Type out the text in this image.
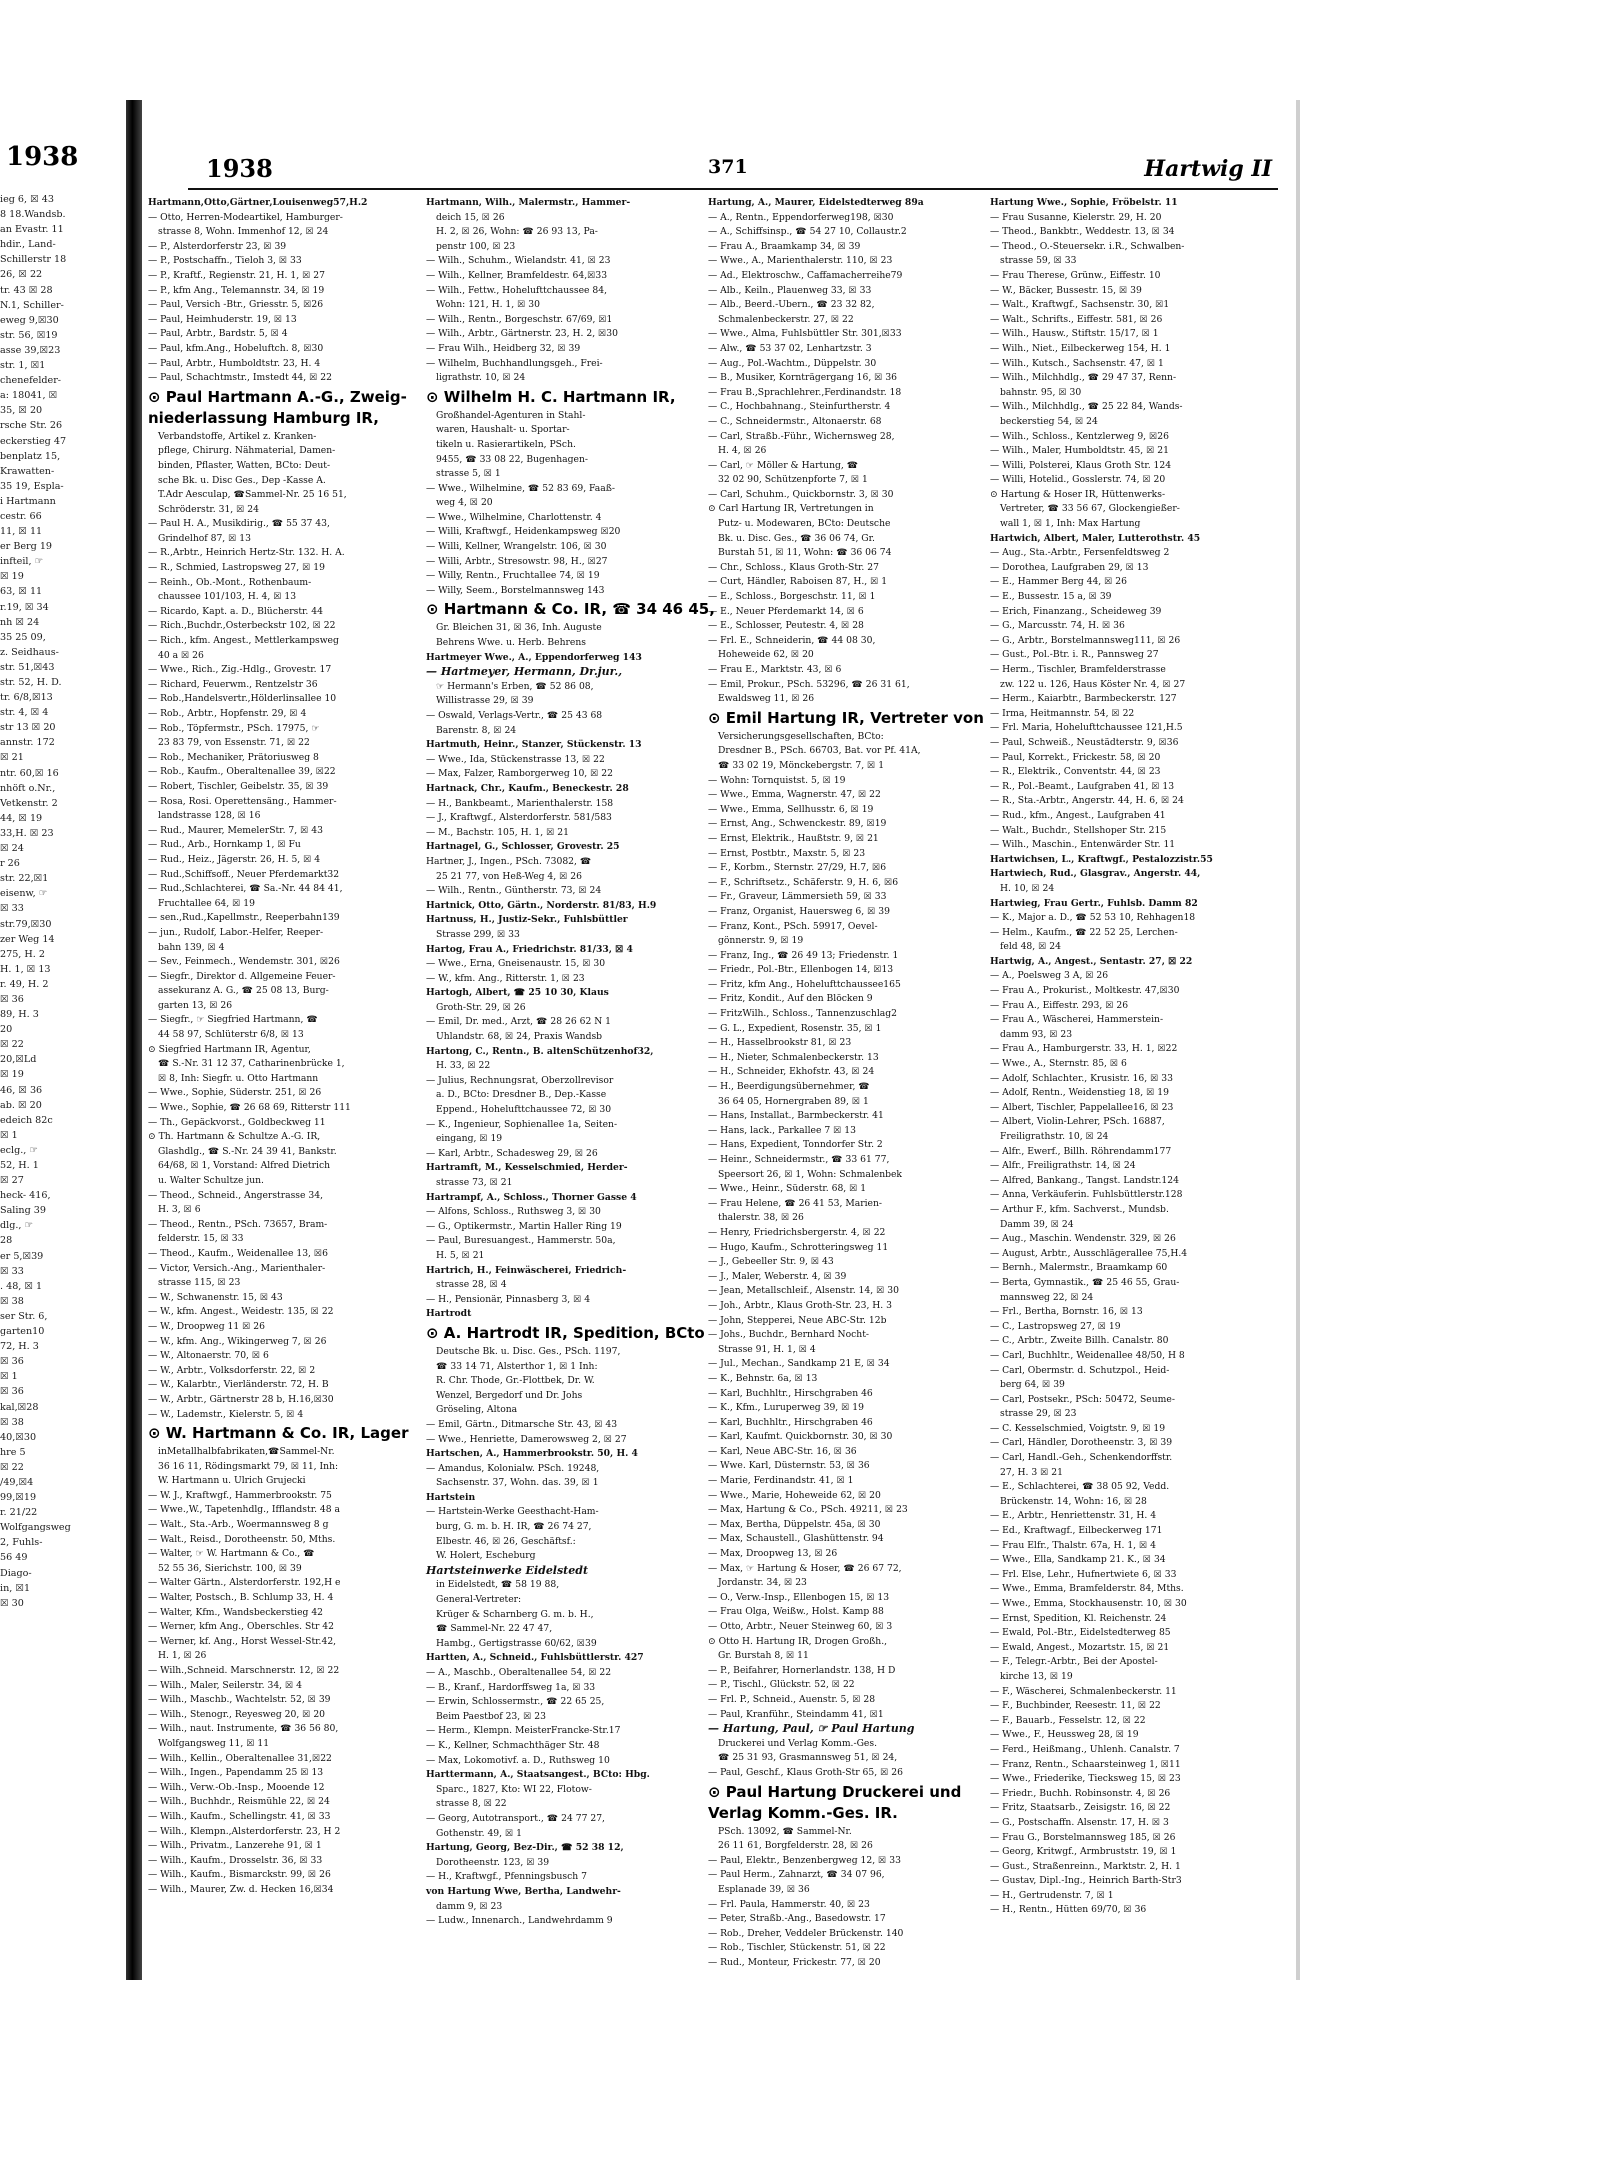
1938
ieg 6, ☒ 43
8 18.Wandsb.
an Evastr. 11
hdir., Land-
Schillerstr 18
26, ☒ 22
tr. 43 ☒ 28
N.1, Schiller-
eweg 9,☒30
str. 56, ☒19
asse 39,☒23
str. 1, ☒1
chenefelder-
a: 18041, ☒
35, ☒ 20
rsche Str. 26
eckerstieg 47
benplatz 15,
Krawatten-
35 19, Espla-
i Hartmann
cestr. 66
11, ☒ 11
er Berg 19
infteil, ☞
☒ 19
63, ☒ 11
r.19, ☒ 34
nh ☒ 24
35 25 09,
z. Seidhaus-
str. 51,☒43
str. 52, H. D.
tr. 6/8,☒13
str. 4, ☒ 4
str 13 ☒ 20
annstr. 172
☒ 21
ntr. 60,☒ 16
nhöft o.Nr.,
Vetkenstr. 2
44, ☒ 19
33,H. ☒ 23
☒ 24
r 26
str. 22,☒1
eisenw, ☞
☒ 33
str.79,☒30
zer Weg 14
275, H. 2
H. 1, ☒ 13
r. 49, H. 2
☒ 36
89, H. 3
20
☒ 22
20,☒Ld
☒ 19
46, ☒ 36
ab. ☒ 20
edeich 82c
☒ 1
eclg., ☞
52, H. 1
☒ 27
heck- 416,
Saling 39
dlg., ☞
28
er 5,☒39
☒ 33
. 48, ☒ 1
☒ 38
ser Str. 6,
garten10
72, H. 3
☒ 36
☒ 1
☒ 36
kal,☒28
☒ 38
40,☒30
hre 5
☒ 22
/49,☒4
99,☒19
r. 21/22
Wolfgangsweg
2, Fuhls-
56 49
Diago-
in, ☒1
☒ 30
1938	371	Hartwig II
Hartmann,Otto,Gärtner,Louisenweg57,H.2
— Otto, Herren-Modeartikel, Hamburger-
strasse 8, Wohn. Immenhof 12, ☒ 24
— P., Alsterdorferstr 23, ☒ 39
— P., Postschaffn., Tieloh 3, ☒ 33
— P., Kraftf., Regienstr. 21, H. 1, ☒ 27
— P., kfm Ang., Telemannstr. 34, ☒ 19
— Paul, Versich -Btr., Griesstr. 5, ☒26
— Paul, Heimhuderstr. 19, ☒ 13
— Paul, Arbtr., Bardstr. 5, ☒ 4
— Paul, kfm.Ang., Hobeluftch. 8, ☒30
— Paul, Arbtr., Humboldtstr. 23, H. 4
— Paul, Schachtmstr., Imstedt 44, ☒ 22
⊙ Paul Hartmann A.-G., Zweig-
niederlassung Hamburg IR,
Verbandstoffe, Artikel z. Kranken-
pflege, Chirurg. Nähmaterial, Damen-
binden, Pflaster, Watten, BCto: Deut-
sche Bk. u. Disc Ges., Dep -Kasse A.
T.Adr Aesculap, ☎Sammel-Nr. 25 16 51,
Schröderstr. 31, ☒ 24
— Paul H. A., Musikdirig., ☎ 55 37 43,
Grindelhof 87, ☒ 13
— R.,Arbtr., Heinrich Hertz-Str. 132. H. A.
— R., Schmied, Lastropsweg 27, ☒ 19
— Reinh., Ob.-Mont., Rothenbaum-
chaussee 101/103, H. 4, ☒ 13
— Ricardo, Kapt. a. D., Blücherstr. 44
— Rich.,Buchdr.,Osterbeckstr 102, ☒ 22
— Rich., kfm. Angest., Mettlerkampsweg
40 a ☒ 26
— Wwe., Rich., Zig.-Hdlg., Grovestr. 17
— Richard, Feuerwm., Rentzelstr 36
— Rob.,Handelsvertr.,Hölderlinsallee 10
— Rob., Arbtr., Hopfenstr. 29, ☒ 4
— Rob., Töpfermstr., PSch. 17975, ☞
23 83 79, von Essenstr. 71, ☒ 22
— Rob., Mechaniker, Prätoriusweg 8
— Rob., Kaufm., Oberaltenallee 39, ☒22
— Robert, Tischler, Geibelstr. 35, ☒ 39
— Rosa, Rosi. Operettensäng., Hammer-
landstrasse 128, ☒ 16
— Rud., Maurer, MemelerStr. 7, ☒ 43
— Rud., Arb., Hornkamp 1, ☒ Fu
— Rud., Heiz., Jägerstr. 26, H. 5, ☒ 4
— Rud.,Schiffsoff., Neuer Pferdemarkt32
— Rud.,Schlachterei, ☎ Sa.-Nr. 44 84 41,
Fruchtallee 64, ☒ 19
— sen.,Rud.,Kapellmstr., Reeperbahn139
— jun., Rudolf, Labor.-Helfer, Reeper-
bahn 139, ☒ 4
— Sev., Feinmech., Wendemstr. 301, ☒26
— Siegfr., Direktor d. Allgemeine Feuer-
assekuranz A. G., ☎ 25 08 13, Burg-
garten 13, ☒ 26
— Siegfr., ☞ Siegfried Hartmann, ☎
44 58 97, Schlüterstr 6/8, ☒ 13
⊙ Siegfried Hartmann IR, Agentur,
☎ S.-Nr. 31 12 37, Catharinenbrücke 1,
☒ 8, Inh: Siegfr. u. Otto Hartmann
— Wwe., Sophie, Süderstr. 251, ☒ 26
— Wwe., Sophie, ☎ 26 68 69, Ritterstr 111
— Th., Gepäckvorst., Goldbeckweg 11
⊙ Th. Hartmann & Schultze A.-G. IR,
Glashdlg., ☎ S.-Nr. 24 39 41, Bankstr.
64/68, ☒ 1, Vorstand: Alfred Dietrich
u. Walter Schultze jun.
— Theod., Schneid., Angerstrasse 34,
H. 3, ☒ 6
— Theod., Rentn., PSch. 73657, Bram-
felderstr. 15, ☒ 33
— Theod., Kaufm., Weidenallee 13, ☒6
— Victor, Versich.-Ang., Marienthaler-
strasse 115, ☒ 23
— W., Schwanenstr. 15, ☒ 43
— W., kfm. Angest., Weidestr. 135, ☒ 22
— W., Droopweg 11 ☒ 26
— W., kfm. Ang., Wikingerweg 7, ☒ 26
— W., Altonaerstr. 70, ☒ 6
— W., Arbtr., Volksdorferstr. 22, ☒ 2
— W., Kalarbtr., Vierländerstr. 72, H. B
— W., Arbtr., Gärtnerstr 28 b, H.16,☒30
— W., Lademstr., Kielerstr. 5, ☒ 4
⊙ W. Hartmann & Co. IR, Lager
inMetallhalbfabrikaten,☎Sammel-Nr.
36 16 11, Rödingsmarkt 79, ☒ 11, Inh:
W. Hartmann u. Ulrich Grujecki
— W. J., Kraftwgf., Hammerbrookstr. 75
— Wwe.,W., Tapetenhdlg., Ifflandstr. 48 a
— Walt., Sta.-Arb., Woermannsweg 8 g
— Walt., Reisd., Dorotheenstr. 50, Mths.
— Walter, ☞ W. Hartmann & Co., ☎
52 55 36, Sierichstr. 100, ☒ 39
— Walter Gärtn., Alsterdorferstr. 192,H e
— Walter, Postsch., B. Schlump 33, H. 4
— Walter, Kfm., Wandsbeckerstieg 42
— Werner, kfm Ang., Oberschles. Str 42
— Werner, kf. Ang., Horst Wessel-Str.42,
H. 1, ☒ 26
— Wilh.,Schneid. Marschnerstr. 12, ☒ 22
— Wilh., Maler, Seilerstr. 34, ☒ 4
— Wilh., Maschb., Wachtelstr. 52, ☒ 39
— Wilh., Stenogr., Reyesweg 20, ☒ 20
— Wilh., naut. Instrumente, ☎ 36 56 80,
Wolfgangsweg 11, ☒ 11
— Wilh., Kellin., Oberaltenallee 31,☒22
— Wilh., Ingen., Papendamm 25 ☒ 13
— Wilh., Verw.-Ob.-Insp., Mooende 12
— Wilh., Buchhdr., Reismühle 22, ☒ 24
— Wilh., Kaufm., Schellingstr. 41, ☒ 33
— Wilh., Klempn.,Alsterdorferstr. 23, H 2
— Wilh., Privatm., Lanzerehe 91, ☒ 1
— Wilh., Kaufm., Drosselstr. 36, ☒ 33
— Wilh., Kaufm., Bismarckstr. 99, ☒ 26
— Wilh., Maurer, Zw. d. Hecken 16,☒34
Hartmann, Wilh., Malermstr., Hammer-
deich 15, ☒ 26
H. 2, ☒ 26, Wohn: ☎ 26 93 13, Pa-
penstr 100, ☒ 23
— Wilh., Schuhm., Wielandstr. 41, ☒ 23
— Wilh., Kellner, Bramfeldestr. 64,☒33
— Wilh., Fettw., Hohelufttchaussee 84,
Wohn: 121, H. 1, ☒ 30
— Wilh., Rentn., Borgeschstr. 67/69, ☒1
— Wilh., Arbtr., Gärtnerstr. 23, H. 2, ☒30
— Frau Wilh., Heidberg 32, ☒ 39
— Wilhelm, Buchhandlungsgeh., Frei-
ligrathstr. 10, ☒ 24
⊙ Wilhelm H. C. Hartmann IR,
Großhandel-Agenturen in Stahl-
waren, Haushalt- u. Sportar-
tikeln u. Rasierartikeln, PSch.
9455, ☎ 33 08 22, Bugenhagen-
strasse 5, ☒ 1
— Wwe., Wilhelmine, ☎ 52 83 69, Faaß-
weg 4, ☒ 20
— Wwe., Wilhelmine, Charlottenstr. 4
— Willi, Kraftwgf., Heidenkampsweg ☒20
— Willi, Kellner, Wrangelstr. 106, ☒ 30
— Willi, Arbtr., Stresowstr. 98, H., ☒27
— Willy, Rentn., Fruchtallee 74, ☒ 19
— Willy, Seem., Borstelmannsweg 143
⊙ Hartmann & Co. IR, ☎ 34 46 45,
Gr. Bleichen 31, ☒ 36, Inh. Auguste
Behrens Wwe. u. Herb. Behrens
Hartmeyer Wwe., A., Eppendorferweg 143
— Hartmeyer, Hermann, Dr.jur.,
☞ Hermann's Erben, ☎ 52 86 08,
Willistrasse 29, ☒ 39
— Oswald, Verlags-Vertr., ☎ 25 43 68
Barenstr. 8, ☒ 24
Hartmuth, Heinr., Stanzer, Stückenstr. 13
— Wwe., Ida, Stückenstrasse 13, ☒ 22
— Max, Falzer, Ramborgerweg 10, ☒ 22
Hartnack, Chr., Kaufm., Beneckestr. 28
— H., Bankbeamt., Marienthalerstr. 158
— J., Kraftwgf., Alsterdorferstr. 581/583
— M., Bachstr. 105, H. 1, ☒ 21
Hartnagel, G., Schlosser, Grovestr. 25
Hartner, J., Ingen., PSch. 73082, ☎
25 21 77, von Heß-Weg 4, ☒ 26
— Wilh., Rentn., Güntherstr. 73, ☒ 24
Hartnick, Otto, Gärtn., Norderstr. 81/83, H.9
Hartnuss, H., Justiz-Sekr., Fuhlsbüttler
Strasse 299, ☒ 33
Hartog, Frau A., Friedrichstr. 81/33, ☒ 4
— Wwe., Erna, Gneisenaustr. 15, ☒ 30
— W., kfm. Ang., Ritterstr. 1, ☒ 23
Hartogh, Albert, ☎ 25 10 30, Klaus
Groth-Str. 29, ☒ 26
— Emil, Dr. med., Arzt, ☎ 28 26 62 N 1
Uhlandstr. 68, ☒ 24, Praxis Wandsb
Hartong, C., Rentn., B. altenSchützenhof32,
H. 33, ☒ 22
— Julius, Rechnungsrat, Oberzollrevisor
a. D., BCto: Dresdner B., Dep.-Kasse
Eppend., Hohelufttchaussee 72, ☒ 30
— K., Ingenieur, Sophienallee 1a, Seiten-
eingang, ☒ 19
— Karl, Arbtr., Schadesweg 29, ☒ 26
Hartramft, M., Kesselschmied, Herder-
strasse 73, ☒ 21
Hartrampf, A., Schloss., Thorner Gasse 4
— Alfons, Schloss., Ruthsweg 3, ☒ 30
— G., Optikermstr., Martin Haller Ring 19
— Paul, Buresuangest., Hammerstr. 50a,
H. 5, ☒ 21
Hartrich, H., Feinwäscherei, Friedrich-
strasse 28, ☒ 4
— H., Pensionär, Pinnasberg 3, ☒ 4
Hartrodt
⊙ A. Hartrodt IR, Spedition, BCto
Deutsche Bk. u. Disc. Ges., PSch. 1197,
☎ 33 14 71, Alsterthor 1, ☒ 1 Inh:
R. Chr. Thode, Gr.-Flottbek, Dr. W.
Wenzel, Bergedorf und Dr. Johs
Gröseling, Altona
— Emil, Gärtn., Ditmarsche Str. 43, ☒ 43
— Wwe., Henriette, Damerowsweg 2, ☒ 27
Hartschen, A., Hammerbrookstr. 50, H. 4
— Amandus, Kolonialw. PSch. 19248,
Sachsenstr. 37, Wohn. das. 39, ☒ 1
Hartstein
— Hartstein-Werke Geesthacht-Ham-
burg, G. m. b. H. IR, ☎ 26 74 27,
Elbestr. 46, ☒ 26, Geschäftsf.:
W. Holert, Escheburg
Hartsteinwerke Eidelstedt
in Eidelstedt, ☎ 58 19 88,
General-Vertreter:
Krüger & Scharnberg G. m. b. H.,
☎ Sammel-Nr. 22 47 47,
Hambg., Gertigstrasse 60/62, ☒39
Hartten, A., Schneid., Fuhlsbüttlerstr. 427
— A., Maschb., Oberaltenallee 54, ☒ 22
— B., Kranf., Hardorffsweg 1a, ☒ 33
— Erwin, Schlossermstr., ☎ 22 65 25,
Beim Paestbof 23, ☒ 23
— Herm., Klempn. MeisterFrancke-Str.17
— K., Kellner, Schmachthäger Str. 48
— Max, Lokomotivf. a. D., Ruthsweg 10
Harttermann, A., Staatsangest., BCto: Hbg.
Sparc., 1827, Kto: WI 22, Flotow-
strasse 8, ☒ 22
— Georg, Autotransport., ☎ 24 77 27,
Gothenstr. 49, ☒ 1
Hartung, Georg, Bez-Dir., ☎ 52 38 12,
Dorotheenstr. 123, ☒ 39
— H., Kraftwgf., Pfenningsbusch 7
von Hartung Wwe, Bertha, Landwehr-
damm 9, ☒ 23
— Ludw., Innenarch., Landwehrdamm 9
Hartung, A., Maurer, Eidelstedterweg 89a
— A., Rentn., Eppendorferweg198, ☒30
— A., Schiffsinsp., ☎ 54 27 10, Collaustr.2
— Frau A., Braamkamp 34, ☒ 39
— Wwe., A., Marienthalerstr. 110, ☒ 23
— Ad., Elektroschw., Caffamacherreihe79
— Alb., Keiln., Plauenweg 33, ☒ 33
— Alb., Beerd.-Ubern., ☎ 23 32 82,
Schmalenbeckerstr. 27, ☒ 22
— Wwe., Alma, Fuhlsbüttler Str. 301,☒33
— Alw., ☎ 53 37 02, Lenhartzstr. 3
— Aug., Pol.-Wachtm., Düppelstr. 30
— B., Musiker, Kornträgergang 16, ☒ 36
— Frau B.,Sprachlehrer.,Ferdinandstr. 18
— C., Hochbahnang., Steinfurtherstr. 4
— C., Schneidermstr., Altonaerstr. 68
— Carl, Straßb.-Führ., Wichernsweg 28,
H. 4, ☒ 26
— Carl, ☞ Möller & Hartung, ☎
32 02 90, Schützenpforte 7, ☒ 1
— Carl, Schuhm., Quickbornstr. 3, ☒ 30
⊙ Carl Hartung IR, Vertretungen in
Putz- u. Modewaren, BCto: Deutsche
Bk. u. Disc. Ges., ☎ 36 06 74, Gr.
Burstah 51, ☒ 11, Wohn: ☎ 36 06 74
— Chr., Schloss., Klaus Groth-Str. 27
— Curt, Händler, Raboisen 87, H., ☒ 1
— E., Schloss., Borgeschstr. 11, ☒ 1
— E., Neuer Pferdemarkt 14, ☒ 6
— E., Schlosser, Peutestr. 4, ☒ 28
— Frl. E., Schneiderin, ☎ 44 08 30,
Hoheweide 62, ☒ 20
— Frau E., Marktstr. 43, ☒ 6
— Emil, Prokur., PSch. 53296, ☎ 26 31 61,
Ewaldsweg 11, ☒ 26
⊙ Emil Hartung IR, Vertreter von
Versicherungsgesellschaften, BCto:
Dresdner B., PSch. 66703, Bat. vor Pf. 41A,
☎ 33 02 19, Mönckebergstr. 7, ☒ 1
— Wohn: Tornquistst. 5, ☒ 19
— Wwe., Emma, Wagnerstr. 47, ☒ 22
— Wwe., Emma, Sellhusstr. 6, ☒ 19
— Ernst, Ang., Schwenckestr. 89, ☒19
— Ernst, Elektrik., Haußtstr. 9, ☒ 21
— Ernst, Postbtr., Maxstr. 5, ☒ 23
— F., Korbm., Sternstr. 27/29, H.7, ☒6
— F., Schriftsetz., Schäferstr. 9, H. 6, ☒6
— Fr., Graveur, Lämmersieth 59, ☒ 33
— Franz, Organist, Hauersweg 6, ☒ 39
— Franz, Kont., PSch. 59917, Oevel-
gönnerstr. 9, ☒ 19
— Franz, Ing., ☎ 26 49 13; Friedenstr. 1
— Friedr., Pol.-Btr., Ellenbogen 14, ☒13
— Fritz, kfm Ang., Hohelufttchaussee165
— Fritz, Kondit., Auf den Blöcken 9
— FritzWilh., Schloss., Tannenzuschlag2
— G. L., Expedient, Rosenstr. 35, ☒ 1
— H., Hasselbrookstr 81, ☒ 23
— H., Nieter, Schmalenbeckerstr. 13
— H., Schneider, Ekhofstr. 43, ☒ 24
— H., Beerdigungsübernehmer, ☎
36 64 05, Hornergraben 89, ☒ 1
— Hans, Installat., Barmbeckerstr. 41
— Hans, lack., Parkallee 7 ☒ 13
— Hans, Expedient, Tonndorfer Str. 2
— Heinr., Schneidermstr., ☎ 33 61 77,
Speersort 26, ☒ 1, Wohn: Schmalenbek
— Wwe., Heinr., Süderstr. 68, ☒ 1
— Frau Helene, ☎ 26 41 53, Marien-
thalerstr. 38, ☒ 26
— Henry, Friedrichsbergerstr. 4, ☒ 22
— Hugo, Kaufm., Schrotteringsweg 11
— J., Gebeeller Str. 9, ☒ 43
— J., Maler, Weberstr. 4, ☒ 39
— Jean, Metallschleif., Alsenstr. 14, ☒ 30
— Joh., Arbtr., Klaus Groth-Str. 23, H. 3
— John, Stepperei, Neue ABC-Str. 12b
— Johs., Buchdr., Bernhard Nocht-
Strasse 91, H. 1, ☒ 4
— Jul., Mechan., Sandkamp 21 E, ☒ 34
— K., Behnstr. 6a, ☒ 13
— Karl, Buchhltr., Hirschgraben 46
— K., Kfm., Luruperweg 39, ☒ 19
— Karl, Buchhltr., Hirschgraben 46
— Karl, Kaufmt. Quickbornstr. 30, ☒ 30
— Karl, Neue ABC-Str. 16, ☒ 36
— Wwe. Karl, Düsternstr. 53, ☒ 36
— Marie, Ferdinandstr. 41, ☒ 1
— Wwe., Marie, Hoheweide 62, ☒ 20
— Max, Hartung & Co., PSch. 49211, ☒ 23
— Max, Bertha, Düppelstr. 45a, ☒ 30
— Max, Schaustell., Glashüttenstr. 94
— Max, Droopweg 13, ☒ 26
— Max, ☞ Hartung & Hoser, ☎ 26 67 72,
Jordanstr. 34, ☒ 23
— O., Verw.-Insp., Ellenbogen 15, ☒ 13
— Frau Olga, Weißw., Holst. Kamp 88
— Otto, Arbtr., Neuer Steinweg 60, ☒ 3
⊙ Otto H. Hartung IR, Drogen Großh.,
Gr. Burstah 8, ☒ 11
— P., Beifahrer, Hornerlandstr. 138, H D
— P., Tischl., Glückstr. 52, ☒ 22
— Frl. P., Schneid., Auenstr. 5, ☒ 28
— Paul, Kranführ., Steindamm 41, ☒1
— Hartung, Paul, ☞ Paul Hartung
Druckerei und Verlag Komm.-Ges.
☎ 25 31 93, Grasmannsweg 51, ☒ 24,
— Paul, Geschf., Klaus Groth-Str 65, ☒ 26
⊙ Paul Hartung Druckerei und
Verlag Komm.-Ges. IR.
PSch. 13092, ☎ Sammel-Nr.
26 11 61, Borgfelderstr. 28, ☒ 26
— Paul, Elektr., Benzenbergweg 12, ☒ 33
— Paul Herm., Zahnarzt, ☎ 34 07 96,
Esplanade 39, ☒ 36
— Frl. Paula, Hammerstr. 40, ☒ 23
— Peter, Straßb.-Ang., Basedowstr. 17
— Rob., Dreher, Veddeler Brückenstr. 140
— Rob., Tischler, Stückenstr. 51, ☒ 22
— Rud., Monteur, Frickestr. 77, ☒ 20
Hartung Wwe., Sophie, Fröbelstr. 11
— Frau Susanne, Kielerstr. 29, H. 20
— Theod., Bankbtr., Weddestr. 13, ☒ 34
— Theod., O.-Steuersekr. i.R., Schwalben-
strasse 59, ☒ 33
— Frau Therese, Grünw., Eiffestr. 10
— W., Bäcker, Bussestr. 15, ☒ 39
— Walt., Kraftwgf., Sachsenstr. 30, ☒1
— Walt., Schrifts., Eiffestr. 581, ☒ 26
— Wilh., Hausw., Stiftstr. 15/17, ☒ 1
— Wilh., Niet., Eilbeckerweg 154, H. 1
— Wilh., Kutsch., Sachsenstr. 47, ☒ 1
— Wilh., Milchhdlg., ☎ 29 47 37, Renn-
bahnstr. 95, ☒ 30
— Wilh., Milchhdlg., ☎ 25 22 84, Wands-
beckerstieg 54, ☒ 24
— Wilh., Schloss., Kentzlerweg 9, ☒26
— Wilh., Maler, Humboldtstr. 45, ☒ 21
— Willi, Polsterei, Klaus Groth Str. 124
— Willi, Hotelid., Gosslerstr. 74, ☒ 20
⊙ Hartung & Hoser IR, Hüttenwerks-
Vertreter, ☎ 33 56 67, Glockengießer-
wall 1, ☒ 1, Inh: Max Hartung
Hartwich, Albert, Maler, Lutterothstr. 45
— Aug., Sta.-Arbtr., Fersenfeldtsweg 2
— Dorothea, Laufgraben 29, ☒ 13
— E., Hammer Berg 44, ☒ 26
— E., Bussestr. 15 a, ☒ 39
— Erich, Finanzang., Scheideweg 39
— G., Marcusstr. 74, H. ☒ 36
— G., Arbtr., Borstelmannsweg111, ☒ 26
— Gust., Pol.-Btr. i. R., Pannsweg 27
— Herm., Tischler, Bramfelderstrasse
zw. 122 u. 126, Haus Köster Nr. 4, ☒ 27
— Herm., Kaiarbtr., Barmbeckerstr. 127
— Irma, Heitmannstr. 54, ☒ 22
— Frl. Maria, Hohelufttchaussee 121,H.5
— Paul, Schweiß., Neustädterstr. 9, ☒36
— Paul, Korrekt., Frickestr. 58, ☒ 20
— R., Elektrik., Conventstr. 44, ☒ 23
— R., Pol.-Beamt., Laufgraben 41, ☒ 13
— R., Sta.-Arbtr., Angerstr. 44, H. 6, ☒ 24
— Rud., kfm., Angest., Laufgraben 41
— Walt., Buchdr., Stellshoper Str. 215
— Wilh., Maschin., Entenwärder Str. 11
Hartwichsen, L., Kraftwgf., Pestalozzistr.55
Hartwiech, Rud., Glasgrav., Angerstr. 44,
H. 10, ☒ 24
Hartwieg, Frau Gertr., Fuhlsb. Damm 82
— K., Major a. D., ☎ 52 53 10, Rehhagen18
— Helm., Kaufm., ☎ 22 52 25, Lerchen-
feld 48, ☒ 24
Hartwig, A., Angest., Sentastr. 27, ☒ 22
— A., Poelsweg 3 A, ☒ 26
— Frau A., Prokurist., Moltkestr. 47,☒30
— Frau A., Eiffestr. 293, ☒ 26
— Frau A., Wäscherei, Hammerstein-
damm 93, ☒ 23
— Frau A., Hamburgerstr. 33, H. 1, ☒22
— Wwe., A., Sternstr. 85, ☒ 6
— Adolf, Schlachter., Krusistr. 16, ☒ 33
— Adolf, Rentn., Weidenstieg 18, ☒ 19
— Albert, Tischler, Pappelallee16, ☒ 23
— Albert, Violin-Lehrer, PSch. 16887,
Freiligrathstr. 10, ☒ 24
— Alfr., Ewerf., Billh. Röhrendamm177
— Alfr., Freiligrathstr. 14, ☒ 24
— Alfred, Bankang., Tangst. Landstr.124
— Anna, Verkäuferin. Fuhlsbüttlerstr.128
— Arthur F., kfm. Sachverst., Mundsb.
Damm 39, ☒ 24
— Aug., Maschin. Wendenstr. 329, ☒ 26
— August, Arbtr., Ausschlägerallee 75,H.4
— Bernh., Malermstr., Braamkamp 60
— Berta, Gymnastik., ☎ 25 46 55, Grau-
mannsweg 22, ☒ 24
— Frl., Bertha, Bornstr. 16, ☒ 13
— C., Lastropsweg 27, ☒ 19
— C., Arbtr., Zweite Billh. Canalstr. 80
— Carl, Buchhltr., Weidenallee 48/50, H 8
— Carl, Obermstr. d. Schutzpol., Heid-
berg 64, ☒ 39
— Carl, Postsekr., PSch: 50472, Seume-
strasse 29, ☒ 23
— C. Kesselschmied, Voigtstr. 9, ☒ 19
— Carl, Händler, Dorotheenstr. 3, ☒ 39
— Carl, Handl.-Geh., Schenkendorffstr.
27, H. 3 ☒ 21
— E., Schlachterei, ☎ 38 05 92, Vedd.
Brückenstr. 14, Wohn: 16, ☒ 28
— E., Arbtr., Henriettenstr. 31, H. 4
— Ed., Kraftwagf., Eilbeckerweg 171
— Frau Elfr., Thalstr. 67a, H. 1, ☒ 4
— Wwe., Ella, Sandkamp 21. K., ☒ 34
— Frl. Else, Lehr., Hufnertwiete 6, ☒ 33
— Wwe., Emma, Bramfelderstr. 84, Mths.
— Wwe., Emma, Stockhausenstr. 10, ☒ 30
— Ernst, Spedition, Kl. Reichenstr. 24
— Ewald, Pol.-Btr., Eidelstedterweg 85
— Ewald, Angest., Mozartstr. 15, ☒ 21
— F., Telegr.-Arbtr., Bei der Apostel-
kirche 13, ☒ 19
— F., Wäscherei, Schmalenbeckerstr. 11
— F., Buchbinder, Reesestr. 11, ☒ 22
— F., Bauarb., Fesselstr. 12, ☒ 22
— Wwe., F., Heussweg 28, ☒ 19
— Ferd., Heißmang., Uhlenh. Canalstr. 7
— Franz, Rentn., Schaarsteinweg 1, ☒11
— Wwe., Friederike, Tiecksweg 15, ☒ 23
— Friedr., Buchh. Robinsonstr. 4, ☒ 26
— Fritz, Staatsarb., Zeisigstr. 16, ☒ 22
— G., Postschaffn. Alsenstr. 17, H. ☒ 3
— Frau G., Borstelmannsweg 185, ☒ 26
— Georg, Kritwgf., Armbruststr. 19, ☒ 1
— Gust., Straßenreinn., Marktstr. 2, H. 1
— Gustav, Dipl.-Ing., Heinrich Barth-Str3
— H., Gertrudenstr. 7, ☒ 1
— H., Rentn., Hütten 69/70, ☒ 36
